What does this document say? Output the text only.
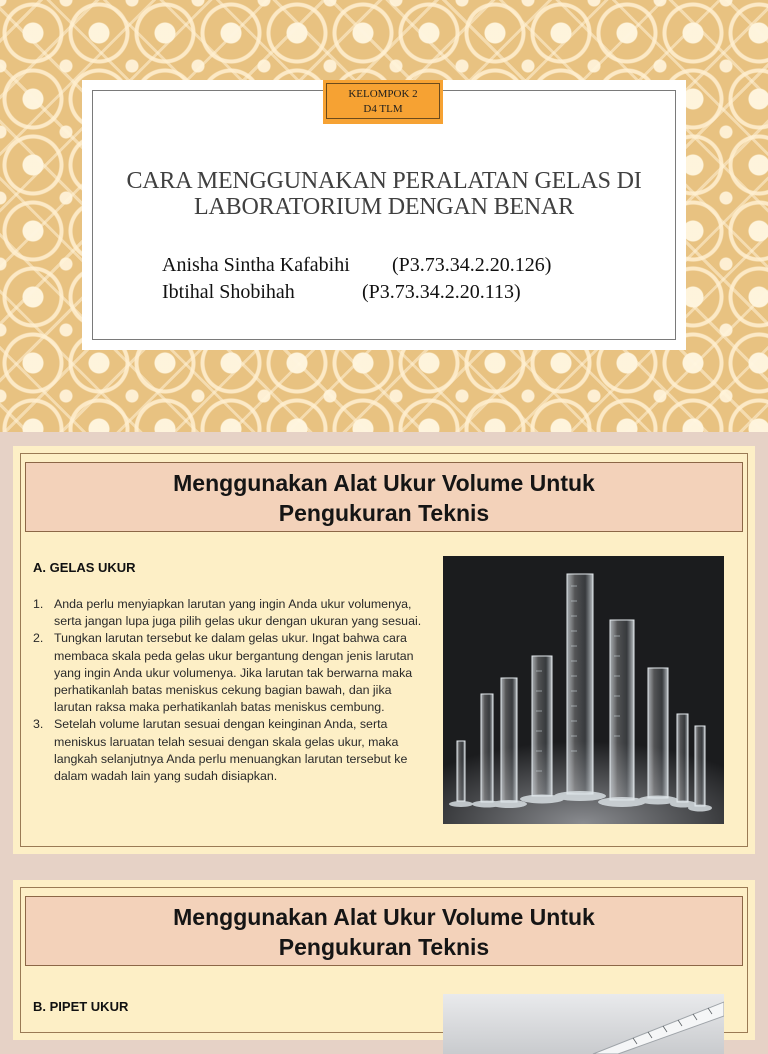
KELOMPOK 2
D4 TLM
CARA MENGGUNAKAN PERALATAN GELAS DI
LABORATORIUM DENGAN BENAR
Anisha Sintha Kafabihi (P3.73.34.2.20.126)
Ibtihal Shobihah	(P3.73.34.2.20.113)
Menggunakan Alat Ukur Volume Untuk
Pengukuran Teknis
A. GELAS UKUR
1. Anda perlu menyiapkan larutan yang ingin Anda ukur volumenya, serta jangan lupa juga pilih gelas ukur dengan ukuran yang sesuai.
2. Tungkan larutan tersebut ke dalam gelas ukur. Ingat bahwa cara membaca skala peda gelas ukur bergantung dengan jenis larutan yang ingin Anda ukur volumenya. Jika larutan tak berwarna maka perhatikanlah batas meniskus cekung bagian bawah, dan jika larutan raksa maka perhatikanlah batas meniskus cembung.
3. Setelah volume larutan sesuai dengan keinginan Anda, serta meniskus laruatan telah sesuai dengan skala gelas ukur, maka langkah selanjutnya Anda perlu menuangkan larutan tersebut ke dalam wadah lain yang sudah disiapkan.
Menggunakan Alat Ukur Volume Untuk
Pengukuran Teknis
B. PIPET UKUR
